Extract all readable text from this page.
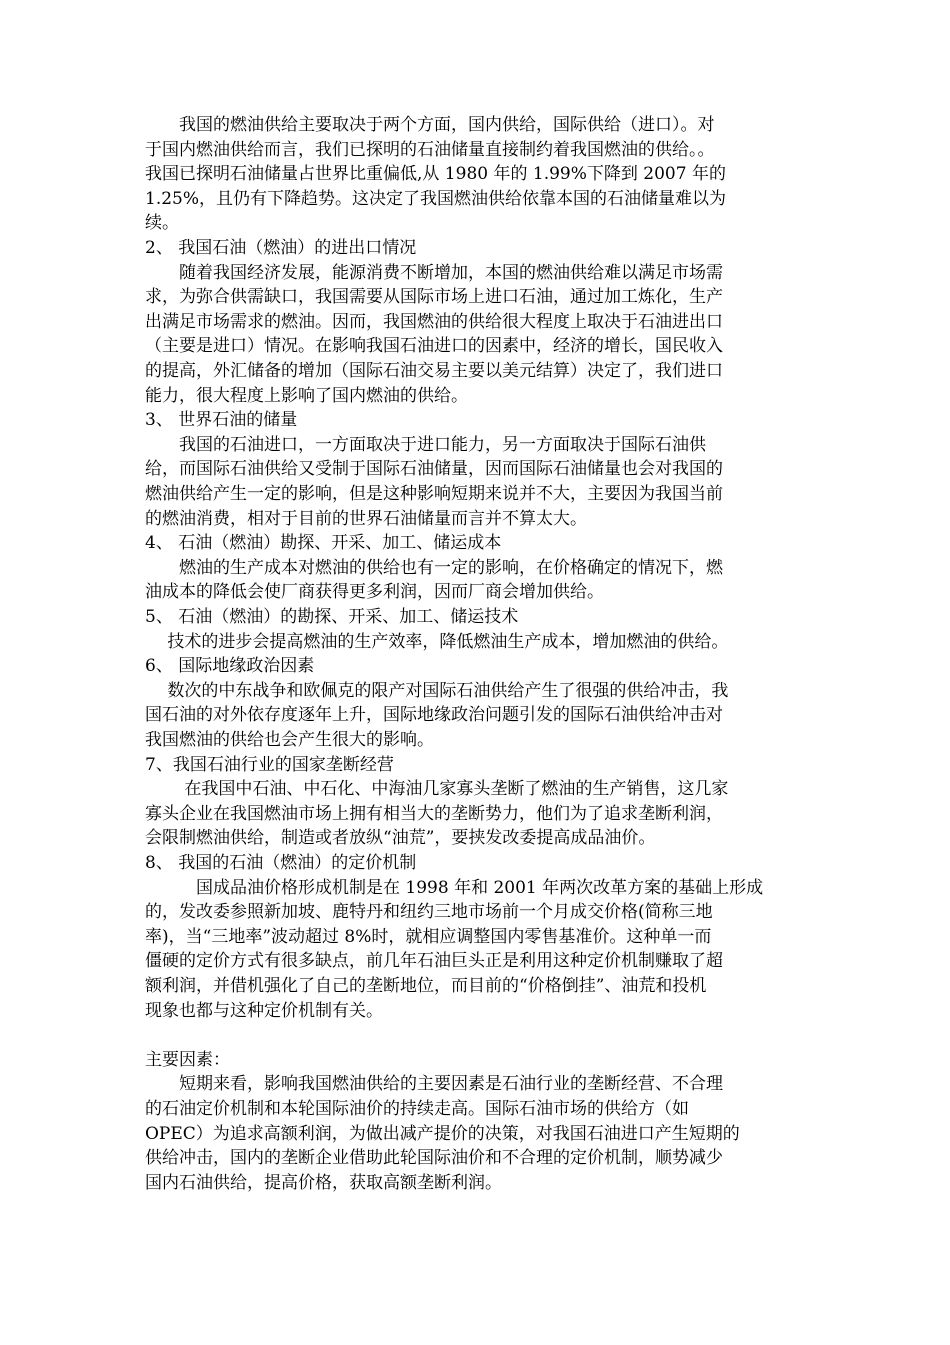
　　我国的燃油供给主要取决于两个方面，国内供给，国际供给（进口）。对
于国内燃油供给而言，我们已探明的石油储量直接制约着我国燃油的供给。。
我国已探明石油储量占世界比重偏低,从 1980 年的 1.99%下降到 2007 年的
1.25%，且仍有下降趋势。这决定了我国燃油供给依靠本国的石油储量难以为
续。
2、 我国石油（燃油）的进出口情况
　　随着我国经济发展，能源消费不断增加，本国的燃油供给难以满足市场需
求，为弥合供需缺口，我国需要从国际市场上进口石油，通过加工炼化，生产
出满足市场需求的燃油。因而，我国燃油的供给很大程度上取决于石油进出口
（主要是进口）情况。在影响我国石油进口的因素中，经济的增长，国民收入
的提高，外汇储备的增加（国际石油交易主要以美元结算）决定了，我们进口
能力，很大程度上影响了国内燃油的供给。
3、 世界石油的储量
　　我国的石油进口，一方面取决于进口能力，另一方面取决于国际石油供
给，而国际石油供给又受制于国际石油储量，因而国际石油储量也会对我国的
燃油供给产生一定的影响，但是这种影响短期来说并不大，主要因为我国当前
的燃油消费，相对于目前的世界石油储量而言并不算太大。
4、 石油（燃油）勘探、开采、加工、储运成本
　　燃油的生产成本对燃油的供给也有一定的影响，在价格确定的情况下，燃
油成本的降低会使厂商获得更多利润，因而厂商会增加供给。
5、 石油（燃油）的勘探、开采、加工、储运技术
　 技术的进步会提高燃油的生产效率，降低燃油生产成本，增加燃油的供给。
6、 国际地缘政治因素
　 数次的中东战争和欧佩克的限产对国际石油供给产生了很强的供给冲击，我
国石油的对外依存度逐年上升，国际地缘政治问题引发的国际石油供给冲击对
我国燃油的供给也会产生很大的影响。
7、我国石油行业的国家垄断经营
　　 在我国中石油、中石化、中海油几家寡头垄断了燃油的生产销售，这几家
寡头企业在我国燃油市场上拥有相当大的垄断势力，他们为了追求垄断利润，
会限制燃油供给，制造或者放纵“油荒”，要挟发改委提高成品油价。
8、 我国的石油（燃油）的定价机制
　　　国成品油价格形成机制是在 1998 年和 2001 年两次改革方案的基础上形成
的，发改委参照新加坡、鹿特丹和纽约三地市场前一个月成交价格(简称三地
率)，当“三地率”波动超过 8%时，就相应调整国内零售基准价。这种单一而
僵硬的定价方式有很多缺点，前几年石油巨头正是利用这种定价机制赚取了超
额利润，并借机强化了自己的垄断地位，而目前的“价格倒挂”、油荒和投机
现象也都与这种定价机制有关。
主要因素：
　　短期来看，影响我国燃油供给的主要因素是石油行业的垄断经营、不合理
的石油定价机制和本轮国际油价的持续走高。国际石油市场的供给方（如
OPEC）为追求高额利润，为做出减产提价的决策，对我国石油进口产生短期的
供给冲击，国内的垄断企业借助此轮国际油价和不合理的定价机制，顺势减少
国内石油供给，提高价格，获取高额垄断利润。
